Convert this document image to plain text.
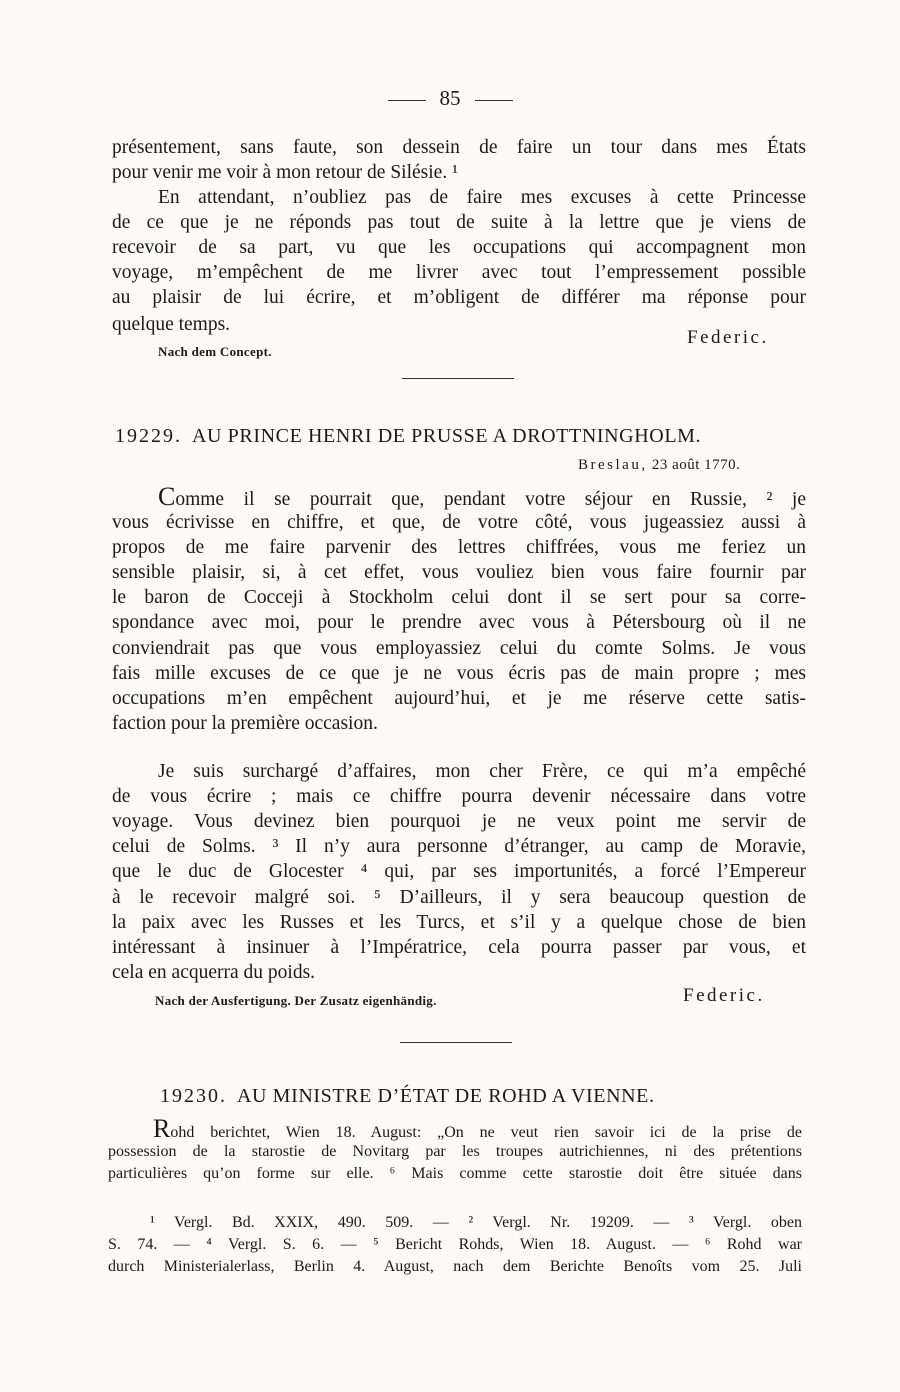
85
présentement, sans faute, son dessein de faire un tour dans mes États
pour venir me voir à mon retour de Silésie. ¹
En attendant, n’oubliez pas de faire mes excuses à cette Princesse
de ce que je ne réponds pas tout de suite à la lettre que je viens de
recevoir de sa part, vu que les occupations qui accompagnent mon
voyage, m’empêchent de me livrer avec tout l’empressement possible
au plaisir de lui écrire, et m’obligent de différer ma réponse pour
quelque temps.
Federic.
Nach dem Concept.
19229. AU PRINCE HENRI DE PRUSSE A DROTTNINGHOLM.
Breslau, 23 août 1770.
Comme il se pourrait que, pendant votre séjour en Russie, ² je
vous écrivisse en chiffre, et que, de votre côté, vous jugeassiez aussi à
propos de me faire parvenir des lettres chiffrées, vous me feriez un
sensible plaisir, si, à cet effet, vous vouliez bien vous faire fournir par
le baron de Cocceji à Stockholm celui dont il se sert pour sa corre-
spondance avec moi, pour le prendre avec vous à Pétersbourg où il ne
conviendrait pas que vous employassiez celui du comte Solms. Je vous
fais mille excuses de ce que je ne vous écris pas de main propre ; mes
occupations m’en empêchent aujourd’hui, et je me réserve cette satis-
faction pour la première occasion.
Je suis surchargé d’affaires, mon cher Frère, ce qui m’a empêché
de vous écrire ; mais ce chiffre pourra devenir nécessaire dans votre
voyage. Vous devinez bien pourquoi je ne veux point me servir de
celui de Solms. ³ Il n’y aura personne d’étranger, au camp de Moravie,
que le duc de Glocester ⁴ qui, par ses importunités, a forcé l’Empereur
à le recevoir malgré soi. ⁵ D’ailleurs, il y sera beaucoup question de
la paix avec les Russes et les Turcs, et s’il y a quelque chose de bien
intéressant à insinuer à l’Impératrice, cela pourra passer par vous, et
cela en acquerra du poids.
Nach der Ausfertigung. Der Zusatz eigenhändig.	Federic.
19230. AU MINISTRE D’ÉTAT DE ROHD A VIENNE.
Rohd berichtet, Wien 18. August: „On ne veut rien savoir ici de la prise de
possession de la starostie de Novitarg par les troupes autrichiennes, ni des prétentions
particulières qu’on forme sur elle. ⁶ Mais comme cette starostie doit être située dans
¹ Vergl. Bd. XXIX, 490. 509. — ² Vergl. Nr. 19209. — ³ Vergl. oben
S. 74. — ⁴ Vergl. S. 6. — ⁵ Bericht Rohds, Wien 18. August. — ⁶ Rohd war
durch Ministerialerlass, Berlin 4. August, nach dem Berichte Benoîts vom 25. Juli
